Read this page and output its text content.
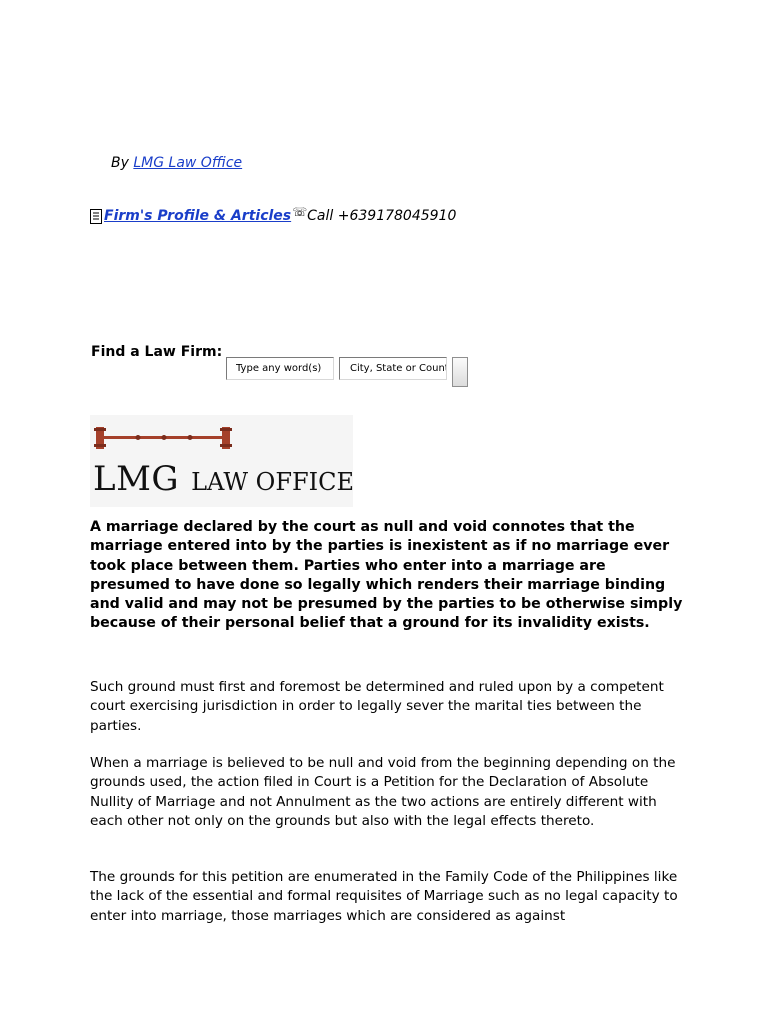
By LMG Law Office
Firm's Profile & Articles ☏ Call +639178045910
Find a Law Firm:
Type any word(s)
City, State or Country
LMG LAW OFFICE
A marriage declared by the court as null and void connotes that the marriage entered into by the parties is inexistent as if no marriage ever took place between them. Parties who enter into a marriage are presumed to have done so legally which renders their marriage binding and valid and may not be presumed by the parties to be otherwise simply because of their personal belief that a ground for its invalidity exists.
Such ground must first and foremost be determined and ruled upon by a competent court exercising jurisdiction in order to legally sever the marital ties between the parties.
When a marriage is believed to be null and void from the beginning depending on the grounds used, the action filed in Court is a Petition for the Declaration of Absolute Nullity of Marriage and not Annulment as the two actions are entirely different with each other not only on the grounds but also with the legal effects thereto.
The grounds for this petition are enumerated in the Family Code of the Philippines like the lack of the essential and formal requisites of Marriage such as no legal capacity to enter into marriage, those marriages which are considered as against
